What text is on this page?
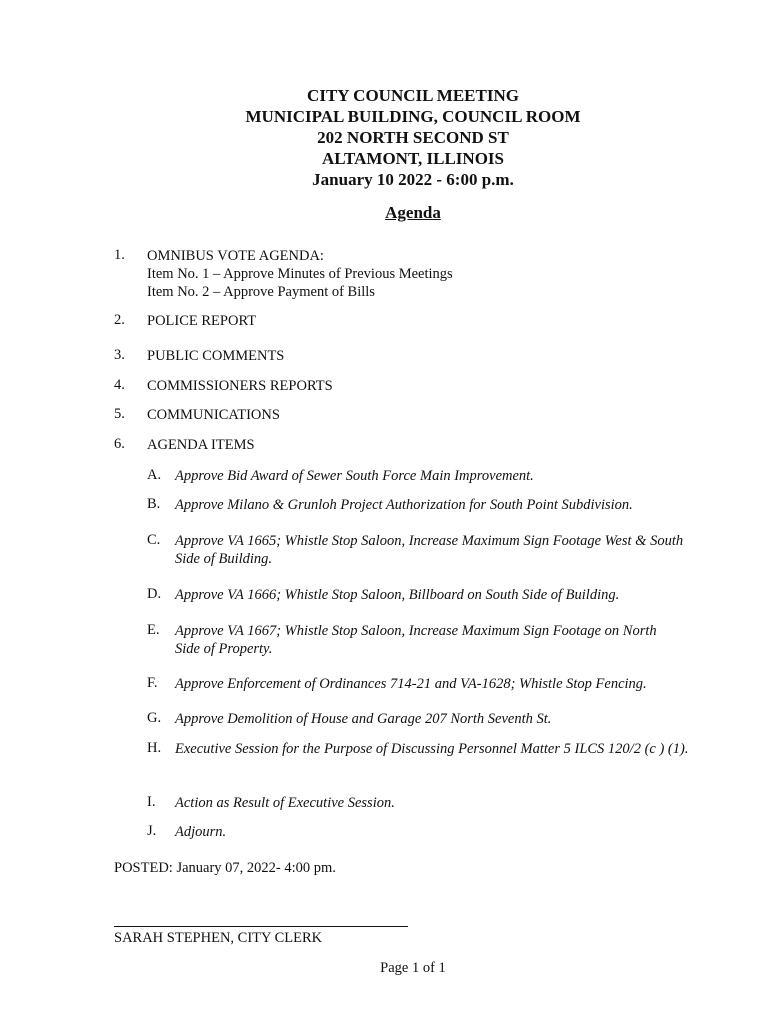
CITY COUNCIL MEETING
MUNICIPAL BUILDING, COUNCIL ROOM
202 NORTH SECOND ST
ALTAMONT, ILLINOIS
January 10 2022 - 6:00 p.m.
Agenda
1. OMNIBUS VOTE AGENDA:
Item No. 1 – Approve Minutes of Previous Meetings
Item No. 2 – Approve Payment of Bills
2. POLICE REPORT
3. PUBLIC COMMENTS
4. COMMISSIONERS REPORTS
5. COMMUNICATIONS
6. AGENDA ITEMS
A. Approve Bid Award of Sewer South Force Main Improvement.
B. Approve Milano & Grunloh Project Authorization for South Point Subdivision.
C. Approve VA 1665; Whistle Stop Saloon, Increase Maximum Sign Footage West & South Side of Building.
D. Approve VA 1666; Whistle Stop Saloon, Billboard on South Side of Building.
E. Approve VA 1667; Whistle Stop Saloon, Increase Maximum Sign Footage on North Side of Property.
F. Approve Enforcement of Ordinances 714-21 and VA-1628; Whistle Stop Fencing.
G. Approve Demolition of House and Garage 207 North Seventh St.
H. Executive Session for the Purpose of Discussing Personnel Matter 5 ILCS 120/2 (c ) (1).
I. Action as Result of Executive Session.
J. Adjourn.
POSTED: January 07, 2022- 4:00 pm.
SARAH STEPHEN, CITY CLERK
Page 1 of 1
